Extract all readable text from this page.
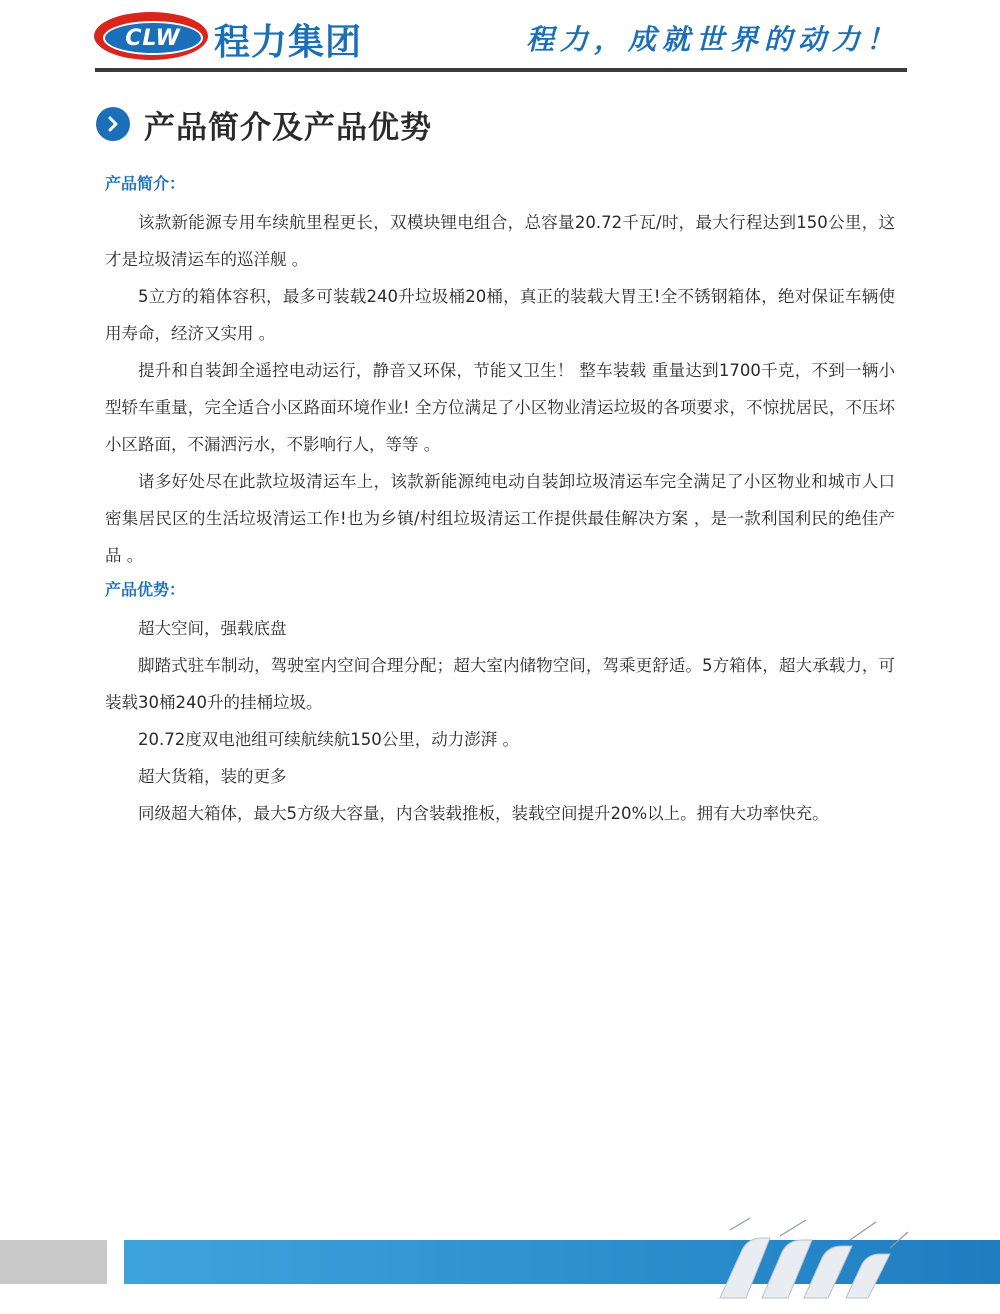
CLW 程力集团	程力，成就世界的动力！
产品简介及产品优势
产品简介：

该款新能源专用车续航里程更长，双模块锂电组合，总容量20.72千瓦/时，最大行程达到150公里，这才是垃圾清运车的巡洋舰 。

5立方的箱体容积，最多可装载240升垃圾桶20桶，真正的装载大胃王!全不锈钢箱体，绝对保证车辆使用寿命，经济又实用 。

提升和自装卸全遥控电动运行，静音又环保，节能又卫生！ 整车装载 重量达到1700千克，不到一辆小型轿车重量，完全适合小区路面环境作业! 全方位满足了小区物业清运垃圾的各项要求，不惊扰居民，不压坏小区路面，不漏洒污水，不影响行人，等等 。

诸多好处尽在此款垃圾清运车上，该款新能源纯电动自装卸垃圾清运车完全满足了小区物业和城市人口密集居民区的生活垃圾清运工作!也为乡镇/村组垃圾清运工作提供最佳解决方案 ，是一款利国利民的绝佳产品 。

产品优势：

超大空间，强载底盘

脚踏式驻车制动，驾驶室内空间合理分配；超大室内储物空间，驾乘更舒适。5方箱体，超大承载力，可装载30桶240升的挂桶垃圾。

20.72度双电池组可续航续航150公里，动力澎湃 。

超大货箱，装的更多

同级超大箱体，最大5方级大容量，内含装载推板，装载空间提升20%以上。拥有大功率快充。
